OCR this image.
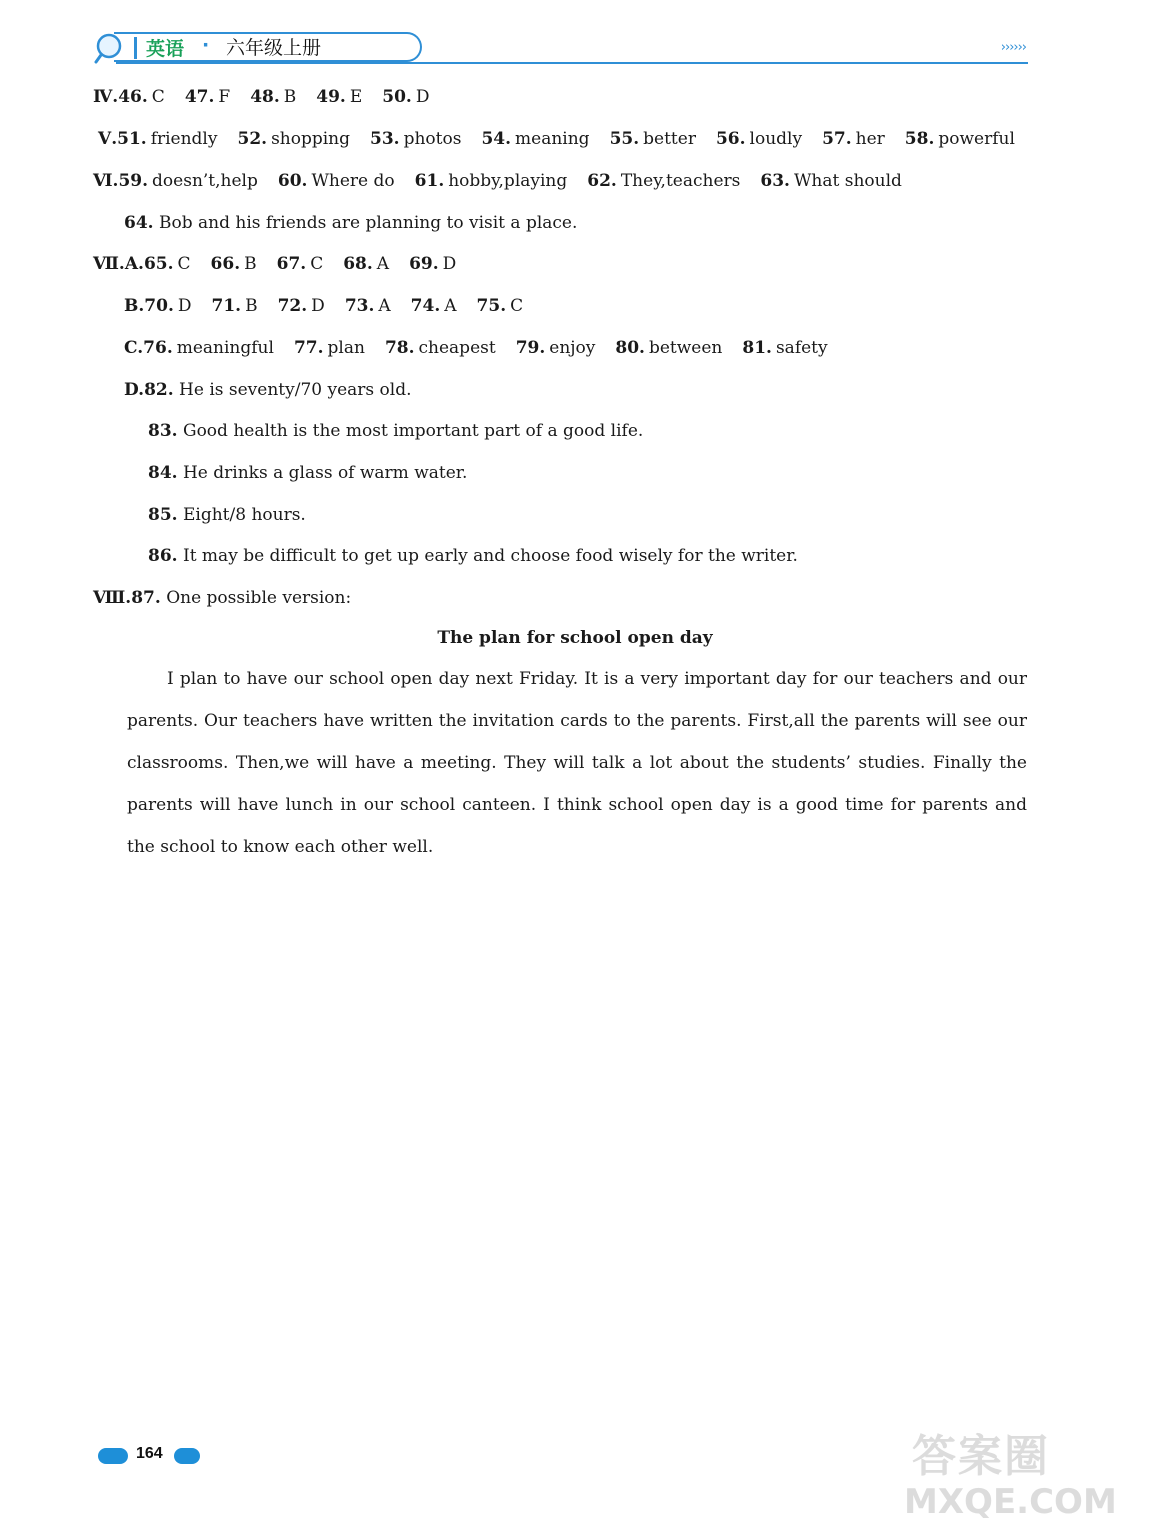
英语 · 六年级上册	››››››
Ⅳ.46. C 47. F 48. B 49. E 50. D
Ⅴ.51. friendly 52. shopping 53. photos 54. meaning 55. better 56. loudly 57. her 58. powerful
Ⅵ.59. doesn’t,help 60. Where do 61. hobby,playing 62. They,teachers 63. What should
64. Bob and his friends are planning to visit a place.
Ⅶ.A.65. C 66. B 67. C 68. A 69. D
B.70. D 71. B 72. D 73. A 74. A 75. C
C.76. meaningful 77. plan 78. cheapest 79. enjoy 80. between 81. safety
D.82. He is seventy/70 years old.
83. Good health is the most important part of a good life.
84. He drinks a glass of warm water.
85. Eight/8 hours.
86. It may be difficult to get up early and choose food wisely for the writer.
Ⅷ.87. One possible version:
The plan for school open day
I plan to have our school open day next Friday. It is a very important day for our teachers and our parents. Our teachers have written the invitation cards to the parents. First,all the parents will see our classrooms. Then,we will have a meeting. They will talk a lot about the students’ studies. Finally the parents will have lunch in our school canteen. I think school open day is a good time for parents and the school to know each other well.
164	答案圈
MXQE.COM
